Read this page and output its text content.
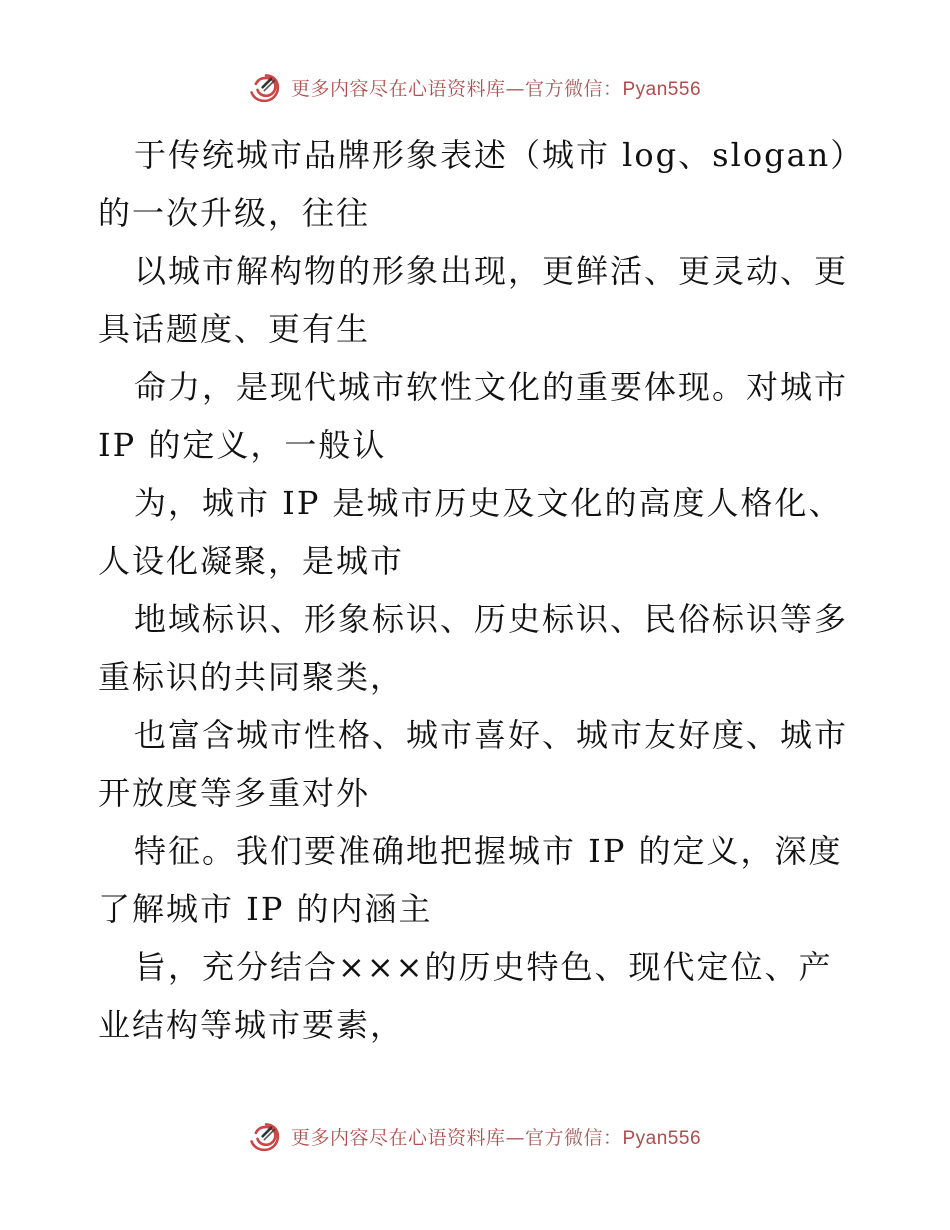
更多内容尽在心语资料库—官方微信：Pyan556
于传统城市品牌形象表述（城市 log、slogan）
的一次升级，往往
以城市解构物的形象出现，更鲜活、更灵动、更
具话题度、更有生
命力，是现代城市软性文化的重要体现。对城市
IP 的定义，一般认
为，城市 IP 是城市历史及文化的高度人格化、
人设化凝聚，是城市
地域标识、形象标识、历史标识、民俗标识等多
重标识的共同聚类，
也富含城市性格、城市喜好、城市友好度、城市
开放度等多重对外
特征。我们要准确地把握城市 IP 的定义，深度
了解城市 IP 的内涵主
旨，充分结合×××的历史特色、现代定位、产
业结构等城市要素，
更多内容尽在心语资料库—官方微信：Pyan556
